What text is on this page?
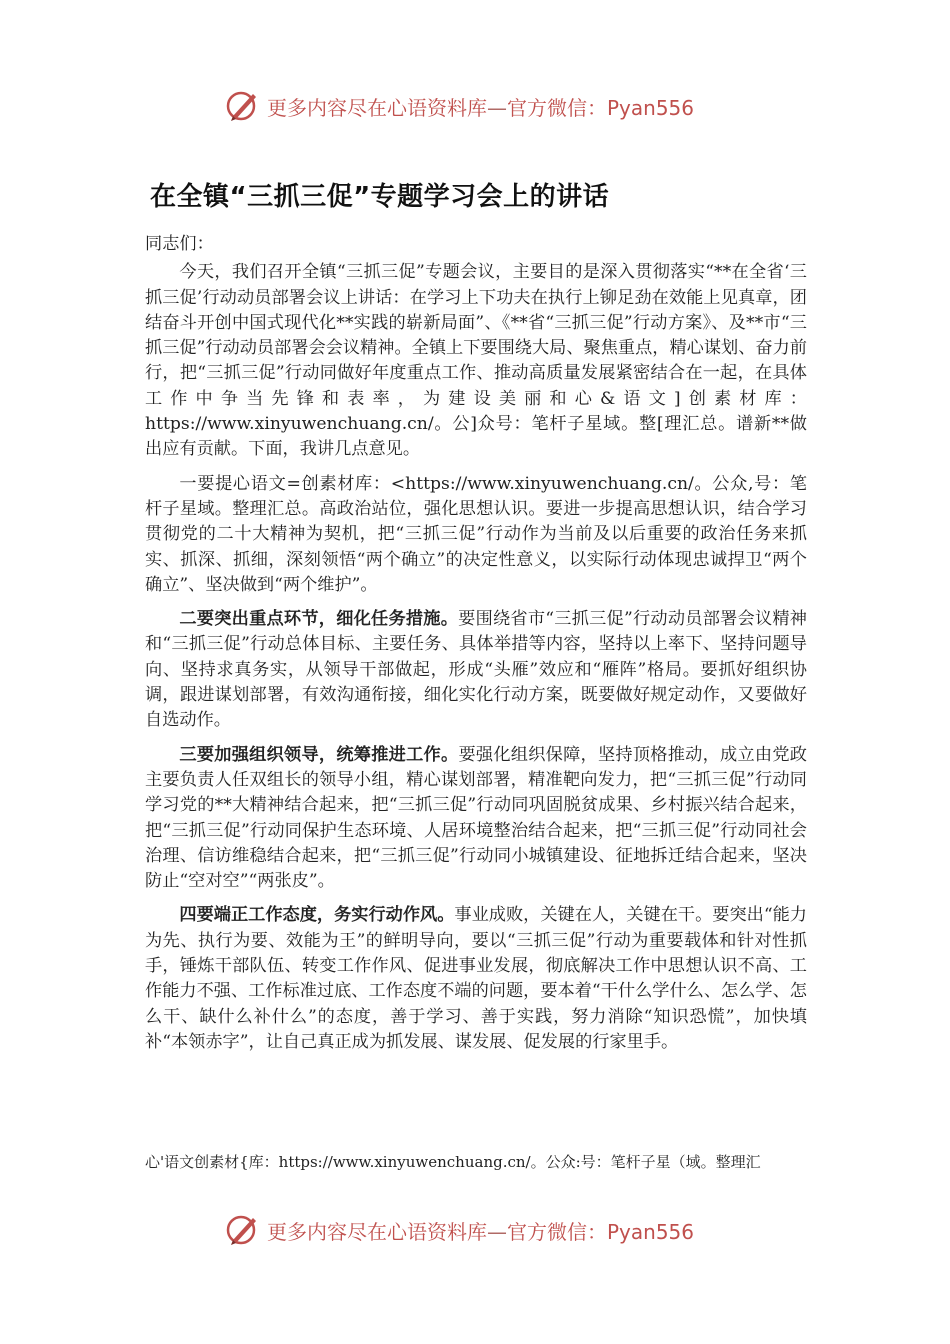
更多内容尽在心语资料库—官方微信：Pyan556
在全镇“三抓三促”专题学习会上的讲话

同志们：

今天，我们召开全镇“三抓三促”专题会议，主要目的是深入贯彻落实“**在全省‘三抓三促’行动动员部署会议上讲话：在学习上下功夫在执行上铆足劲在效能上见真章，团结奋斗开创中国式现代化**实践的崭新局面”、《**省“三抓三促”行动方案》、及**市“三抓三促”行动动员部署会会议精神。全镇上下要围绕大局、聚焦重点，精心谋划、奋力前行，把“三抓三促”行动同做好年度重点工作、推动高质量发展紧密结合在一起，在具体工作中争当先锋和表率，为建设美丽和心&语文]创素材库：https://www.xinyuwenchuang.cn/。公]众号：笔杆子星域。整[理汇总。谱新**做出应有贡献。下面，我讲几点意见。

一要提心语文=创素材库：<https://www.xinyuwenchuang.cn/。公众,号：笔杆子星域。整理汇总。高政治站位，强化思想认识。要进一步提高思想认识，结合学习贯彻党的二十大精神为契机，把“三抓三促”行动作为当前及以后重要的政治任务来抓实、抓深、抓细，深刻领悟“两个确立”的决定性意义，以实际行动体现忠诚捍卫“两个确立”、坚决做到“两个维护”。

二要突出重点环节，细化任务措施。要围绕省市“三抓三促”行动动员部署会议精神和“三抓三促”行动总体目标、主要任务、具体举措等内容，坚持以上率下、坚持问题导向、坚持求真务实，从领导干部做起，形成“头雁”效应和“雁阵”格局。要抓好组织协调，跟进谋划部署，有效沟通衔接，细化实化行动方案，既要做好规定动作，又要做好自选动作。

三要加强组织领导，统筹推进工作。要强化组织保障，坚持顶格推动，成立由党政主要负责人任双组长的领导小组，精心谋划部署，精准靶向发力，把“三抓三促”行动同学习党的**大精神结合起来，把“三抓三促”行动同巩固脱贫成果、乡村振兴结合起来，把“三抓三促”行动同保护生态环境、人居环境整治结合起来，把“三抓三促”行动同社会治理、信访维稳结合起来，把“三抓三促”行动同小城镇建设、征地拆迁结合起来，坚决防止“空对空”“两张皮”。

四要端正工作态度，务实行动作风。事业成败，关键在人，关键在干。要突出“能力为先、执行为要、效能为王”的鲜明导向，要以“三抓三促”行动为重要载体和针对性抓手，锤炼干部队伍、转变工作作风、促进事业发展，彻底解决工作中思想认识不高、工作能力不强、工作标准过底、工作态度不端的问题，要本着“干什么学什么、怎么学、怎么干、缺什么补什么”的态度，善于学习、善于实践，努力消除“知识恐慌”，加快填补“本领赤字”，让自己真正成为抓发展、谋发展、促发展的行家里手。

心'语文创素材{库：https://www.xinyuwenchuang.cn/。公众:号：笔杆子星（域。整理汇
更多内容尽在心语资料库—官方微信：Pyan556
